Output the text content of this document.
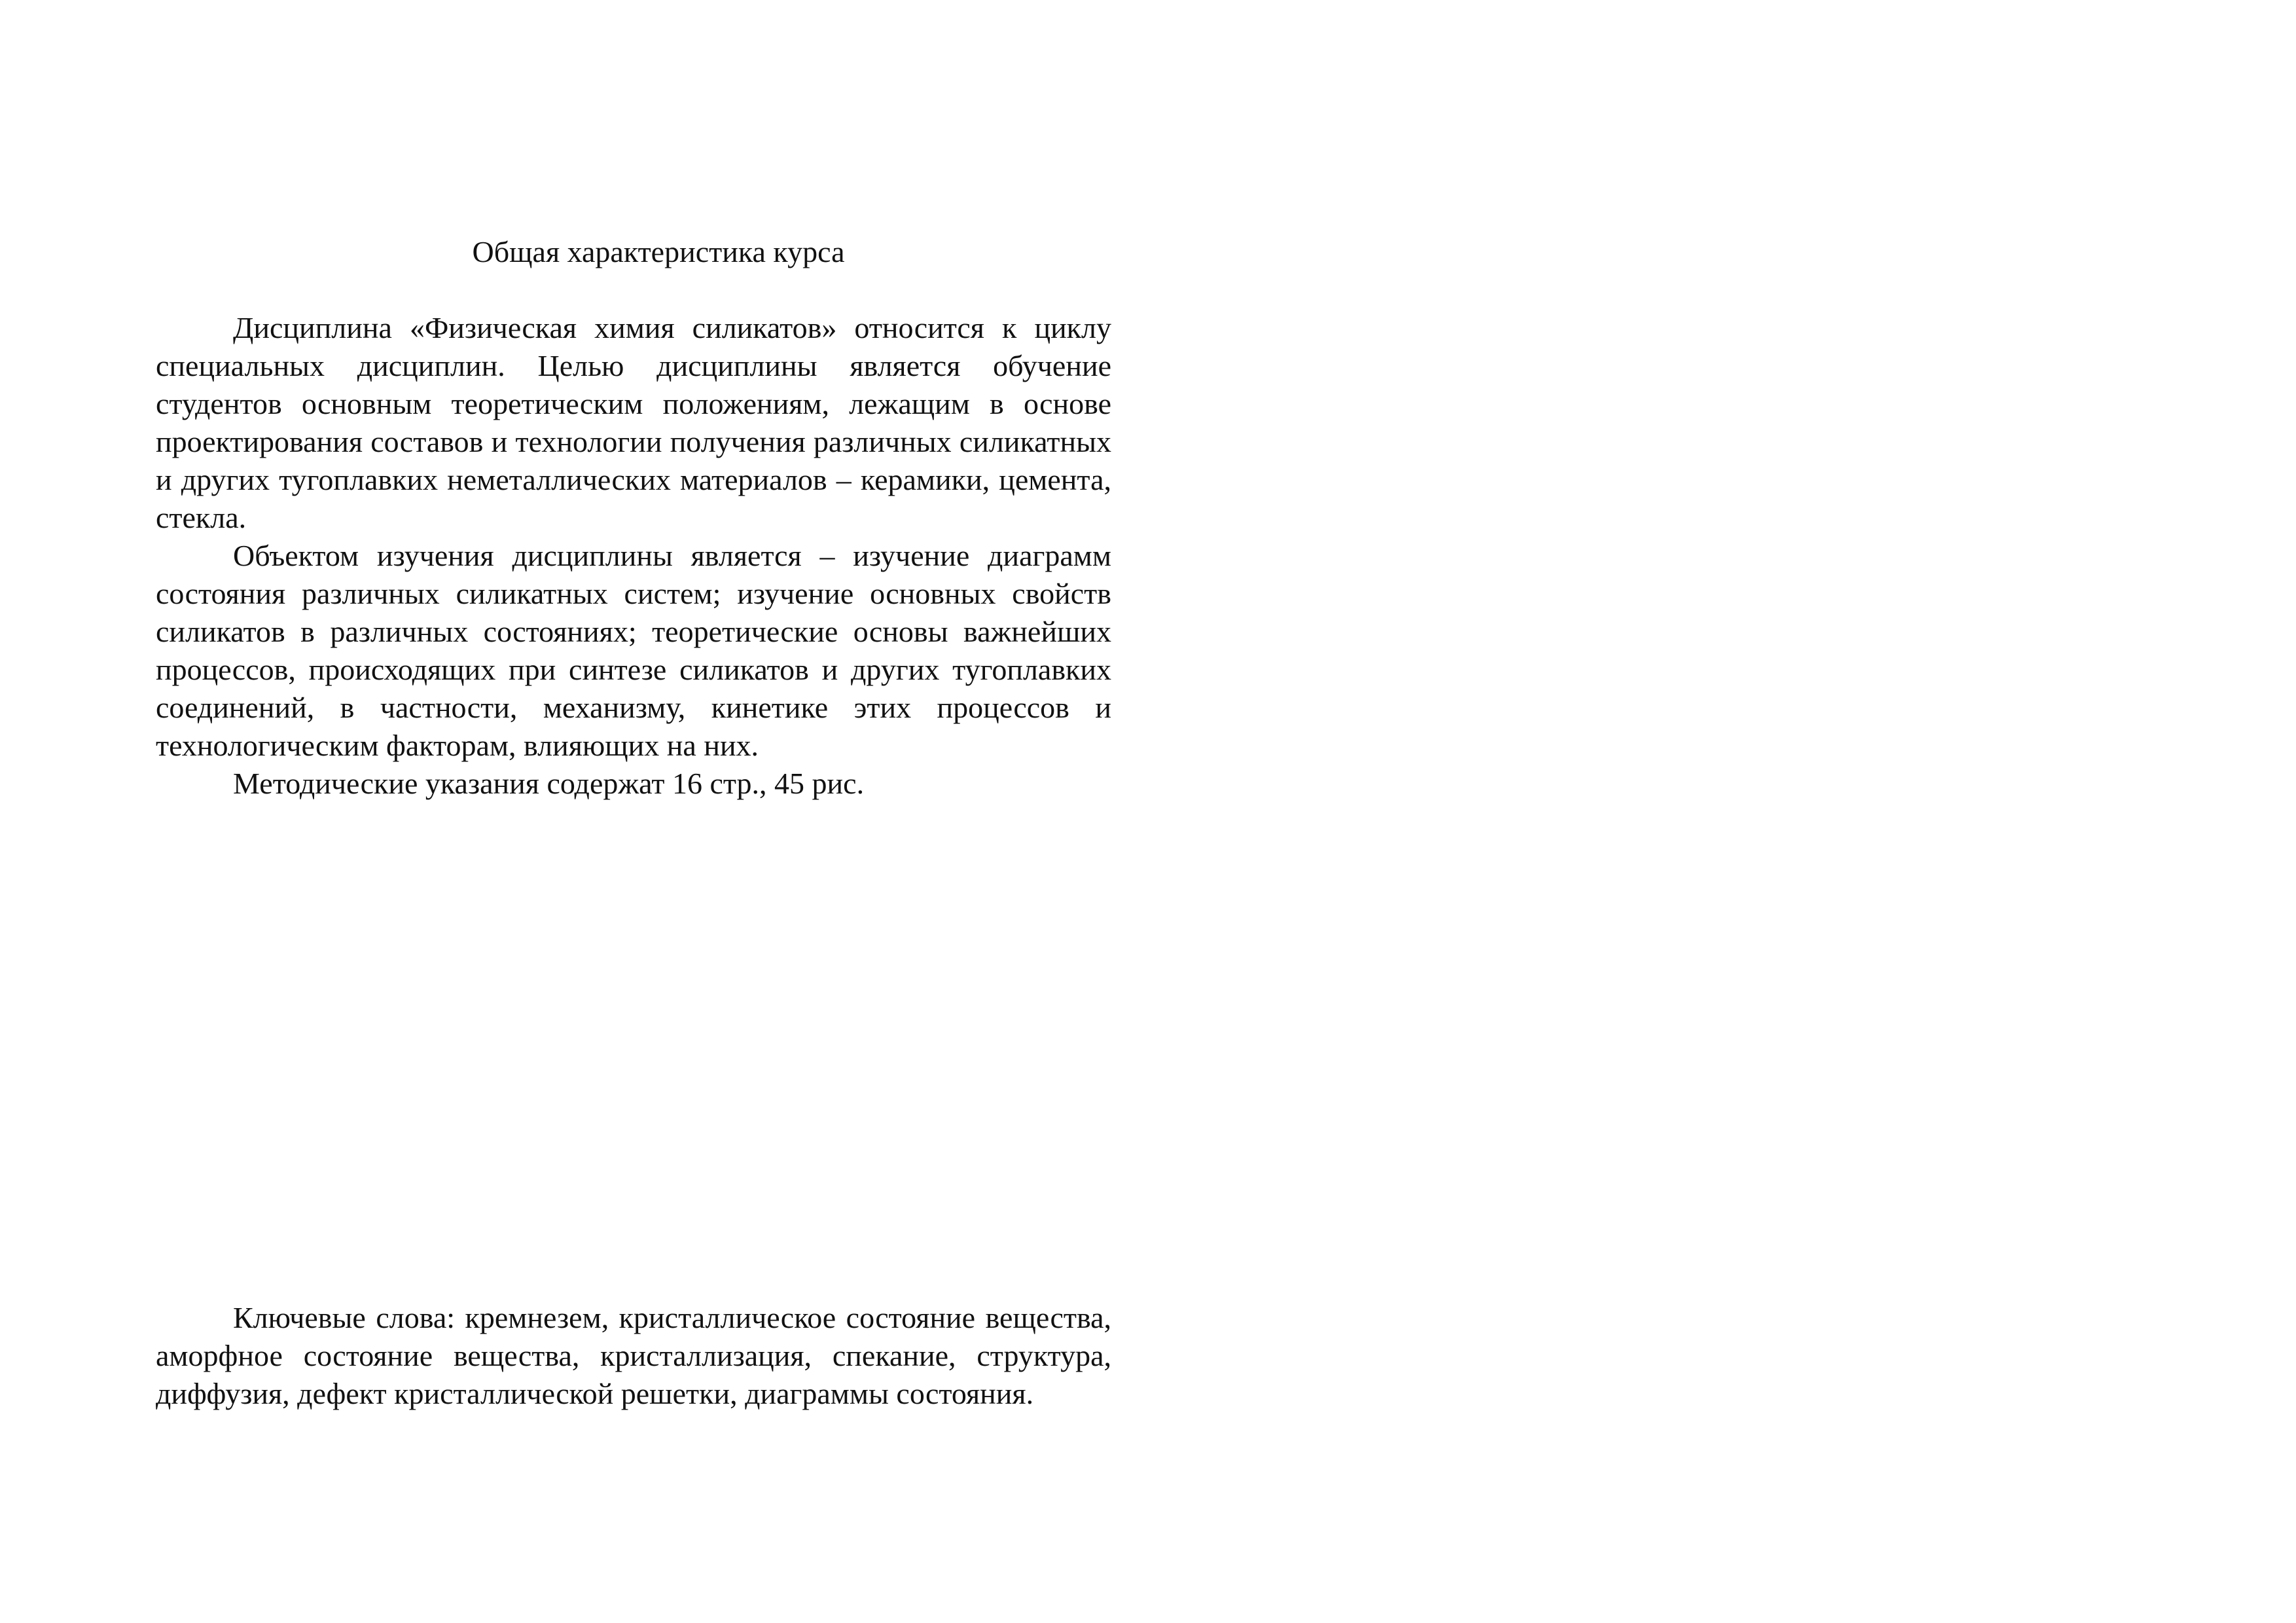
Общая характеристика курса

Дисциплина «Физическая химия силикатов» относится к циклу специальных дисциплин. Целью дисциплины является обучение студентов основным теоретическим положениям, лежащим в основе проектирования составов и технологии получения различных силикатных и других тугоплавких неметаллических материалов – керамики, цемента, стекла.

Объектом изучения дисциплины является – изучение диаграмм состояния различных силикатных систем; изучение основных свойств силикатов в различных состояниях; теоретические основы важнейших процессов, происходящих при синтезе силикатов и других тугоплавких соединений, в частности, механизму, кинетике этих процессов и технологическим факторам, влияющих на них.

Методические указания содержат 16 стр., 45 рис.

Ключевые слова: кремнезем, кристаллическое состояние вещества, аморфное состояние вещества, кристаллизация, спекание, структура, диффузия, дефект кристаллической решетки, диаграммы состояния.
